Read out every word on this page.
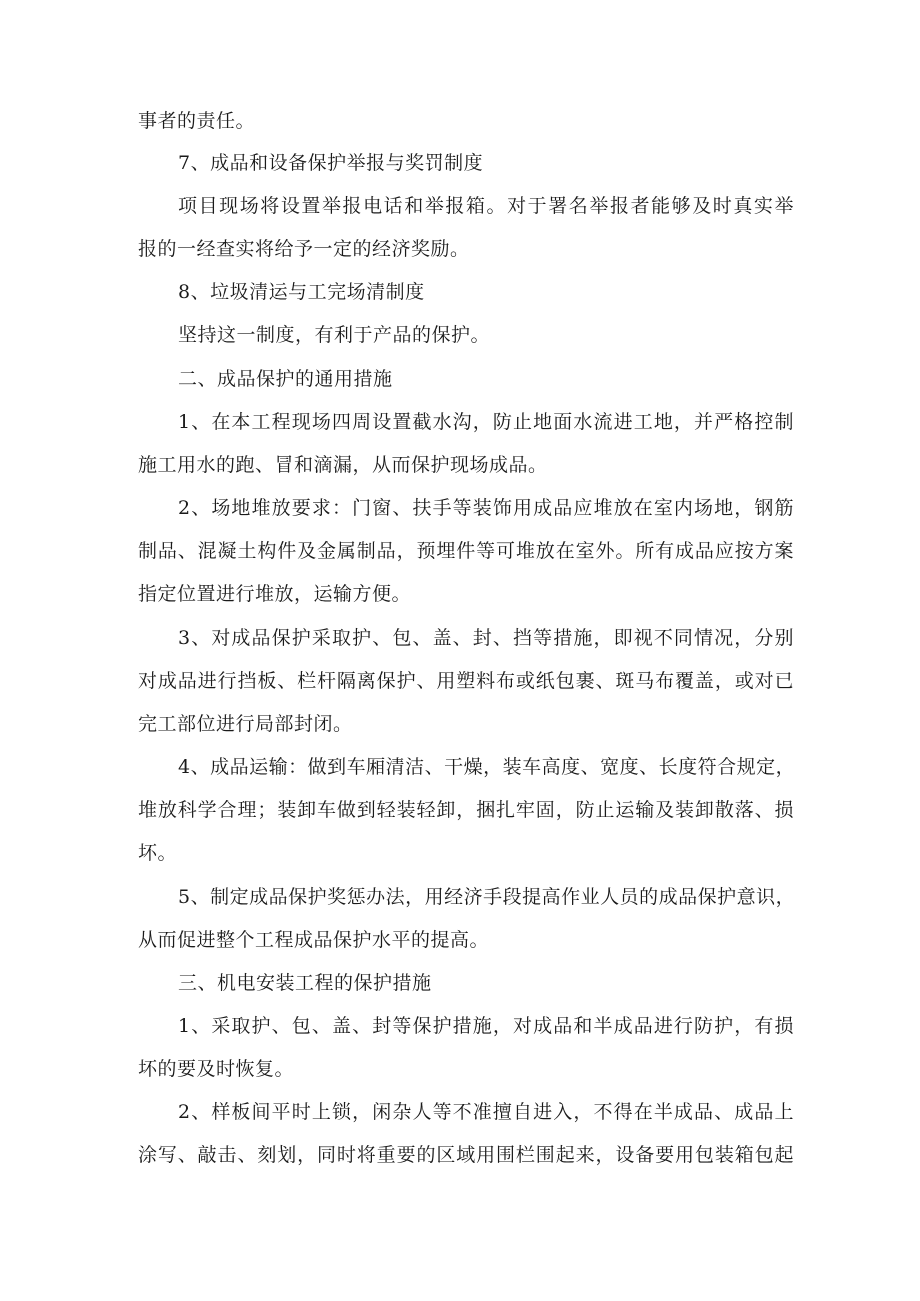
事者的责任。
7、成品和设备保护举报与奖罚制度
项目现场将设置举报电话和举报箱。对于署名举报者能够及时真实举
报的一经查实将给予一定的经济奖励。
8、垃圾清运与工完场清制度
坚持这一制度，有利于产品的保护。
二、成品保护的通用措施
1、在本工程现场四周设置截水沟，防止地面水流进工地，并严格控制
施工用水的跑、冒和滴漏，从而保护现场成品。
2、场地堆放要求：门窗、扶手等装饰用成品应堆放在室内场地，钢筋
制品、混凝土构件及金属制品，预埋件等可堆放在室外。所有成品应按方案
指定位置进行堆放，运输方便。
3、对成品保护采取护、包、盖、封、挡等措施，即视不同情况，分别
对成品进行挡板、栏杆隔离保护、用塑料布或纸包裹、斑马布覆盖，或对已
完工部位进行局部封闭。
4、成品运输：做到车厢清洁、干燥，装车高度、宽度、长度符合规定，
堆放科学合理；装卸车做到轻装轻卸，捆扎牢固，防止运输及装卸散落、损
坏。
5、制定成品保护奖惩办法，用经济手段提高作业人员的成品保护意识，
从而促进整个工程成品保护水平的提高。
三、机电安装工程的保护措施
1、采取护、包、盖、封等保护措施，对成品和半成品进行防护，有损
坏的要及时恢复。
2、样板间平时上锁，闲杂人等不准擅自进入，不得在半成品、成品上
涂写、敲击、刻划，同时将重要的区域用围栏围起来，设备要用包装箱包起
